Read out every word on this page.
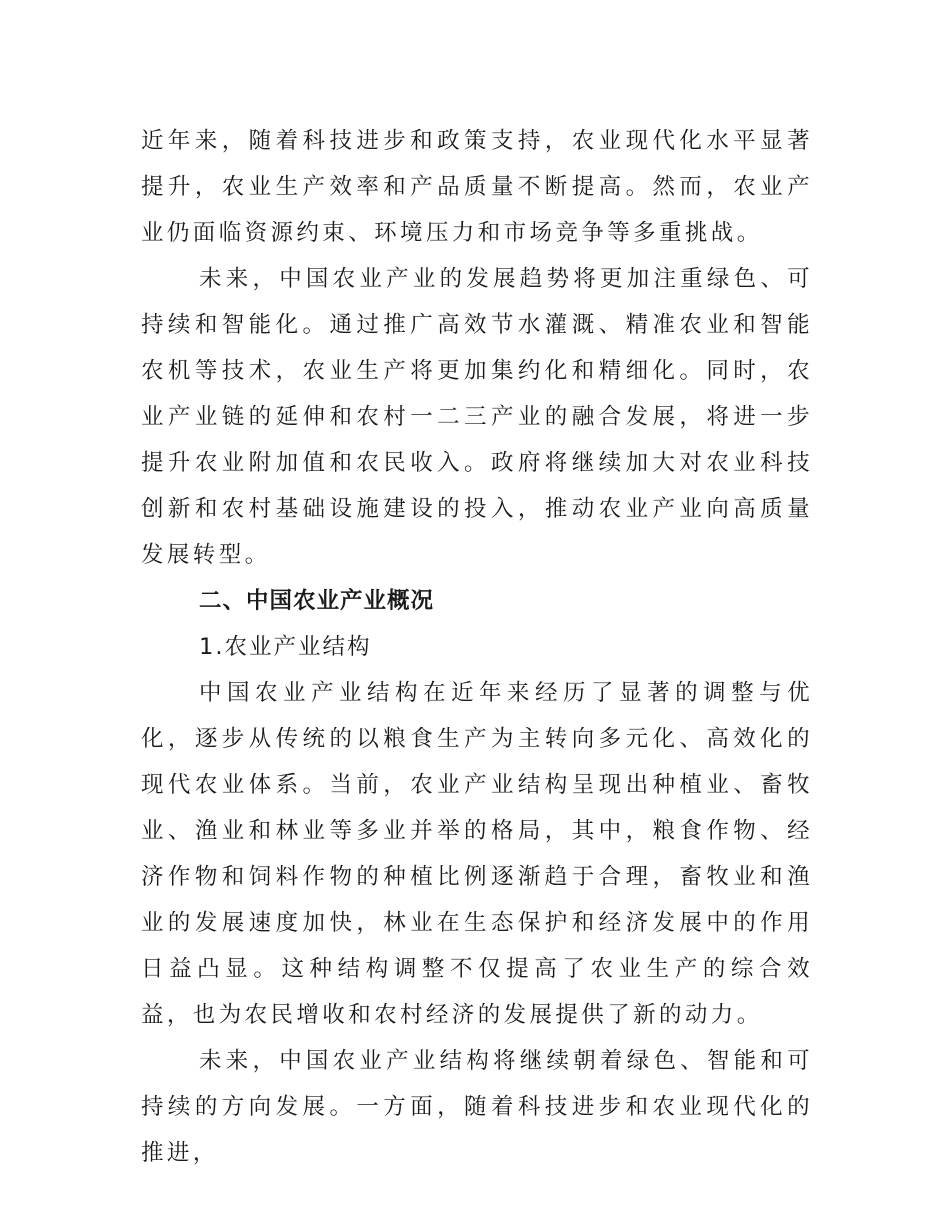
近年来，随着科技进步和政策支持，农业现代化水平显著提升，农业生产效率和产品质量不断提高。然而，农业产业仍面临资源约束、环境压力和市场竞争等多重挑战。

未来，中国农业产业的发展趋势将更加注重绿色、可持续和智能化。通过推广高效节水灌溉、精准农业和智能农机等技术，农业生产将更加集约化和精细化。同时，农业产业链的延伸和农村一二三产业的融合发展，将进一步提升农业附加值和农民收入。政府将继续加大对农业科技创新和农村基础设施建设的投入，推动农业产业向高质量发展转型。

二、中国农业产业概况

1.农业产业结构

中国农业产业结构在近年来经历了显著的调整与优化，逐步从传统的以粮食生产为主转向多元化、高效化的现代农业体系。当前，农业产业结构呈现出种植业、畜牧业、渔业和林业等多业并举的格局，其中，粮食作物、经济作物和饲料作物的种植比例逐渐趋于合理，畜牧业和渔业的发展速度加快，林业在生态保护和经济发展中的作用日益凸显。这种结构调整不仅提高了农业生产的综合效益，也为农民增收和农村经济的发展提供了新的动力。

未来，中国农业产业结构将继续朝着绿色、智能和可持续的方向发展。一方面，随着科技进步和农业现代化的推进，
